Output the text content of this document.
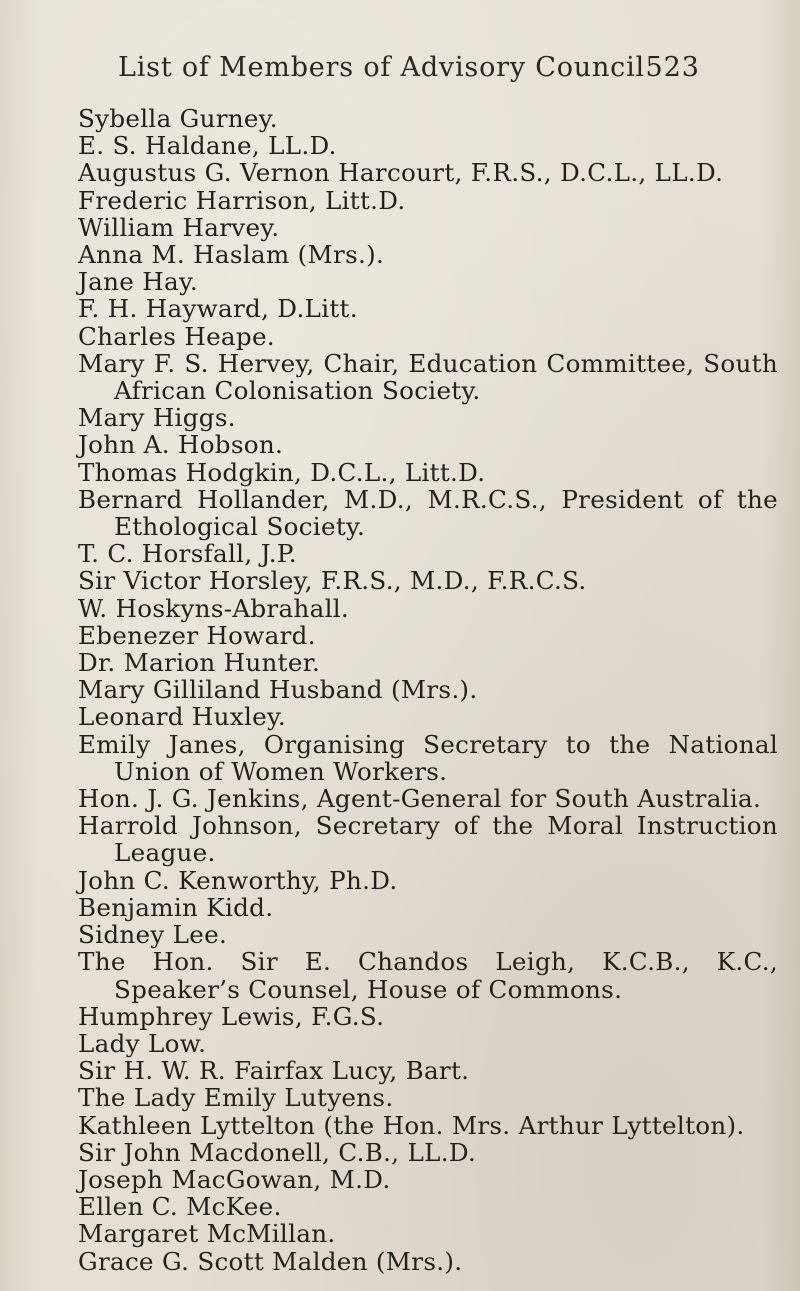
List of Members of Advisory Council 523
Sybella Gurney.
E. S. Haldane, LL.D.
Augustus G. Vernon Harcourt, F.R.S., D.C.L., LL.D.
Frederic Harrison, Litt.D.
William Harvey.
Anna M. Haslam (Mrs.).
Jane Hay.
F. H. Hayward, D.Litt.
Charles Heape.
Mary F. S. Hervey, Chair, Education Committee, South African Colonisation Society.
Mary Higgs.
John A. Hobson.
Thomas Hodgkin, D.C.L., Litt.D.
Bernard Hollander, M.D., M.R.C.S., President of the Ethological Society.
T. C. Horsfall, J.P.
Sir Victor Horsley, F.R.S., M.D., F.R.C.S.
W. Hoskyns-Abrahall.
Ebenezer Howard.
Dr. Marion Hunter.
Mary Gilliland Husband (Mrs.).
Leonard Huxley.
Emily Janes, Organising Secretary to the National Union of Women Workers.
Hon. J. G. Jenkins, Agent-General for South Australia.
Harrold Johnson, Secretary of the Moral Instruction League.
John C. Kenworthy, Ph.D.
Benjamin Kidd.
Sidney Lee.
The Hon. Sir E. Chandos Leigh, K.C.B., K.C., Speaker’s Counsel, House of Commons.
Humphrey Lewis, F.G.S.
Lady Low.
Sir H. W. R. Fairfax Lucy, Bart.
The Lady Emily Lutyens.
Kathleen Lyttelton (the Hon. Mrs. Arthur Lyttelton).
Sir John Macdonell, C.B., LL.D.
Joseph MacGowan, M.D.
Ellen C. McKee.
Margaret McMillan.
Grace G. Scott Malden (Mrs.).
